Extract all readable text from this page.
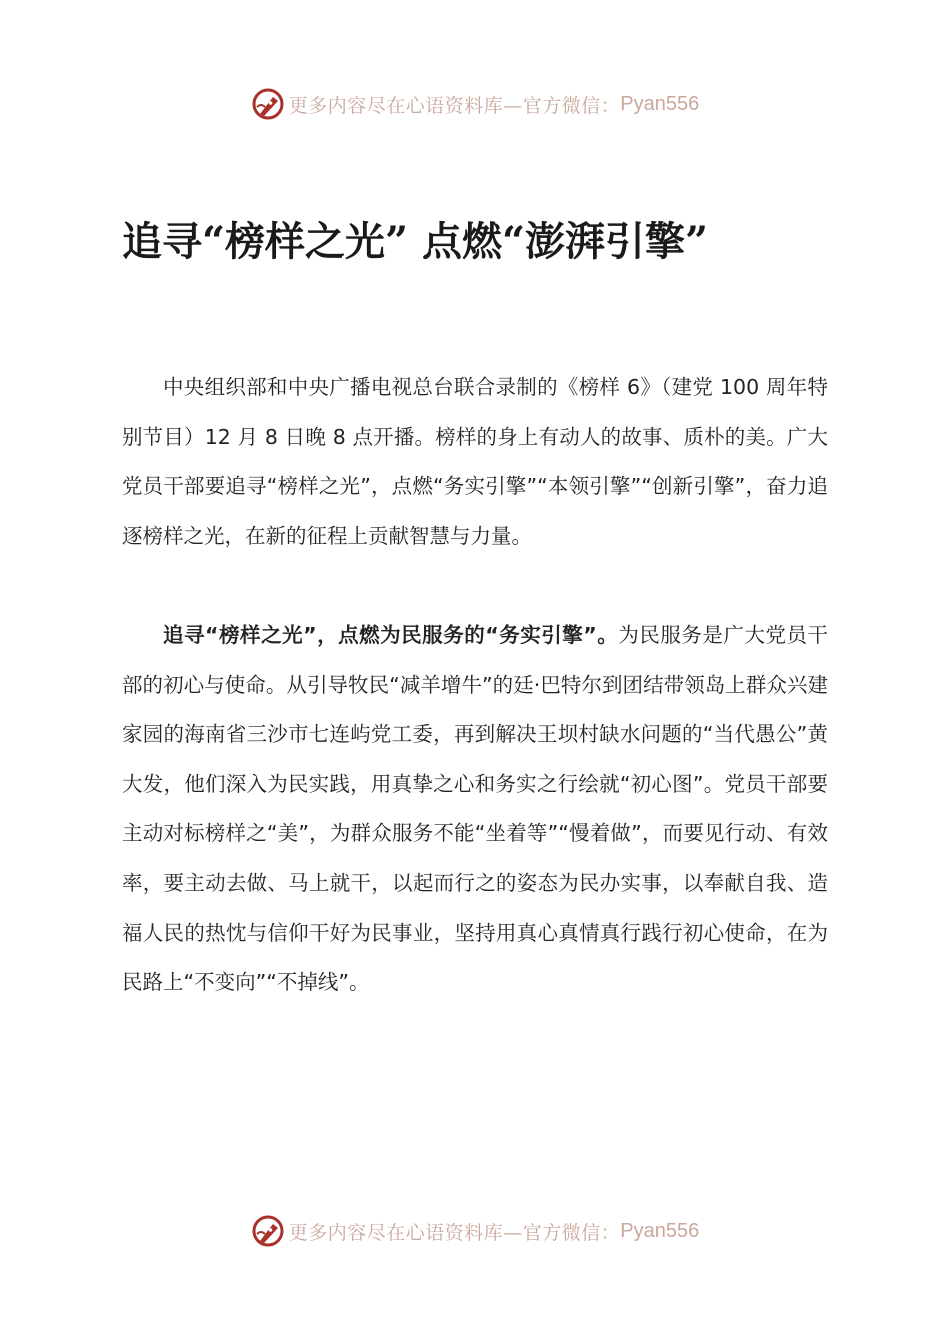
更多内容尽在心语资料库—官方微信： Pyan556
追寻“榜样之光” 点燃“澎湃引擎”

中央组织部和中央广播电视总台联合录制的《榜样 6》（建党 100 周年特别节目）12 月 8 日晚 8 点开播。榜样的身上有动人的故事、质朴的美。广大党员干部要追寻“榜样之光”，点燃“务实引擎”“本领引擎”“创新引擎”，奋力追逐榜样之光，在新的征程上贡献智慧与力量。

追寻“榜样之光”，点燃为民服务的“务实引擎”。为民服务是广大党员干部的初心与使命。从引导牧民“减羊增牛”的廷·巴特尔到团结带领岛上群众兴建家园的海南省三沙市七连屿党工委，再到解决王坝村缺水问题的“当代愚公”黄大发，他们深入为民实践，用真挚之心和务实之行绘就“初心图”。党员干部要主动对标榜样之“美”，为群众服务不能“坐着等”“慢着做”，而要见行动、有效率，要主动去做、马上就干，以起而行之的姿态为民办实事，以奉献自我、造福人民的热忱与信仰干好为民事业，坚持用真心真情真行践行初心使命，在为民路上“不变向”“不掉线”。

更多内容尽在心语资料库—官方微信： Pyan556
